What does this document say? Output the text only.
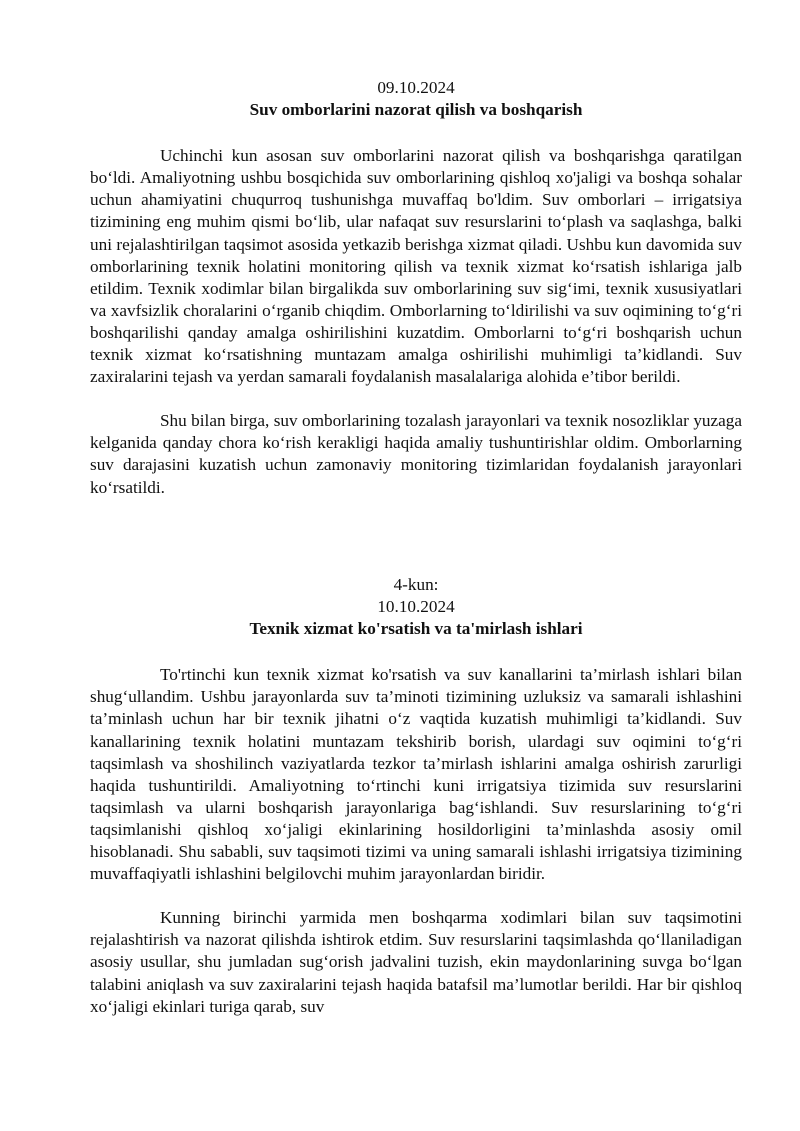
09.10.2024

Suv omborlarini nazorat qilish va boshqarish

Uchinchi kun asosan suv omborlarini nazorat qilish va boshqarishga qaratilgan bo‘ldi. Amaliyotning ushbu bosqichida suv omborlarining qishloq xo'jaligi va boshqa sohalar uchun ahamiyatini chuqurroq tushunishga muvaffaq bo'ldim. Suv omborlari – irrigatsiya tizimining eng muhim qismi bo‘lib, ular nafaqat suv resurslarini to‘plash va saqlashga, balki uni rejalashtirilgan taqsimot asosida yetkazib berishga xizmat qiladi. Ushbu kun davomida suv omborlarining texnik holatini monitoring qilish va texnik xizmat ko‘rsatish ishlariga jalb etildim. Texnik xodimlar bilan birgalikda suv omborlarining suv sig‘imi, texnik xususiyatlari va xavfsizlik choralarini o‘rganib chiqdim. Omborlarning to‘ldirilishi va suv oqimining to‘g‘ri boshqarilishi qanday amalga oshirilishini kuzatdim. Omborlarni to‘g‘ri boshqarish uchun texnik xizmat ko‘rsatishning muntazam amalga oshirilishi muhimligi ta’kidlandi. Suv zaxiralarini tejash va yerdan samarali foydalanish masalalariga alohida e’tibor berildi.

Shu bilan birga, suv omborlarining tozalash jarayonlari va texnik nosozliklar yuzaga kelganida qanday chora ko‘rish kerakligi haqida amaliy tushuntirishlar oldim. Omborlarning suv darajasini kuzatish uchun zamonaviy monitoring tizimlaridan foydalanish jarayonlari ko‘rsatildi.

4-kun:

10.10.2024

Texnik xizmat ko'rsatish va ta'mirlash ishlari

To'rtinchi kun texnik xizmat ko'rsatish va suv kanallarini ta’mirlash ishlari bilan shug‘ullandim. Ushbu jarayonlarda suv ta’minoti tizimining uzluksiz va samarali ishlashini ta’minlash uchun har bir texnik jihatni o‘z vaqtida kuzatish muhimligi ta’kidlandi. Suv kanallarining texnik holatini muntazam tekshirib borish, ulardagi suv oqimini to‘g‘ri taqsimlash va shoshilinch vaziyatlarda tezkor ta’mirlash ishlarini amalga oshirish zarurligi haqida tushuntirildi. Amaliyotning to‘rtinchi kuni irrigatsiya tizimida suv resurslarini taqsimlash va ularni boshqarish jarayonlariga bag‘ishlandi. Suv resurslarining to‘g‘ri taqsimlanishi qishloq xo‘jaligi ekinlarining hosildorligini ta’minlashda asosiy omil hisoblanadi. Shu sababli, suv taqsimoti tizimi va uning samarali ishlashi irrigatsiya tizimining muvaffaqiyatli ishlashini belgilovchi muhim jarayonlardan biridir.

Kunning birinchi yarmida men boshqarma xodimlari bilan suv taqsimotini rejalashtirish va nazorat qilishda ishtirok etdim. Suv resurslarini taqsimlashda qo‘llaniladigan asosiy usullar, shu jumladan sug‘orish jadvalini tuzish, ekin maydonlarining suvga bo‘lgan talabini aniqlash va suv zaxiralarini tejash haqida batafsil ma’lumotlar berildi. Har bir qishloq xo‘jaligi ekinlari turiga qarab, suv
